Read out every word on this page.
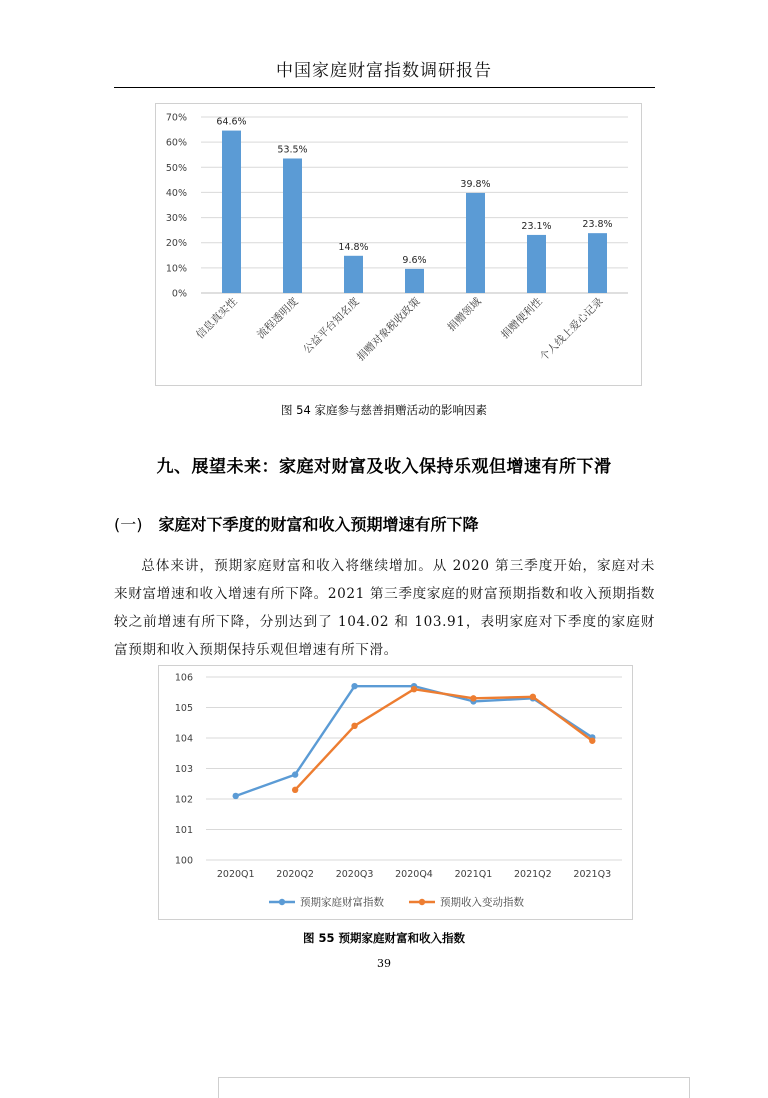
中国家庭财富指数调研报告
0%
10%
20%
30%
40%
50%
60%
70%	64.6%
信息真实性
53.5%
流程透明度
14.8%
公益平台知名度
9.6%
捐赠对象税收政策
39.8%
捐赠领域
23.1%
捐赠便利性
23.8%
个人线上爱心记录
图 54 家庭参与慈善捐赠活动的影响因素
九、展望未来：家庭对财富及收入保持乐观但增速有所下滑
(一) 家庭对下季度的财富和收入预期增速有所下降
总体来讲，预期家庭财富和收入将继续增加。从 2020 第三季度开始，家庭对未来财富增速和收入增速有所下降。2021 第三季度家庭的财富预期指数和收入预期指数较之前增速有所下降，分别达到了 104.02 和 103.91，表明家庭对下季度的家庭财富预期和收入预期保持乐观但增速有所下滑。
100
101
102
103
104
105
106
2020Q1 2020Q2 2020Q3 2020Q4 2021Q1 2021Q2 2021Q3
预期家庭财富指数	预期收入变动指数
图 55 预期家庭财富和收入指数
39
